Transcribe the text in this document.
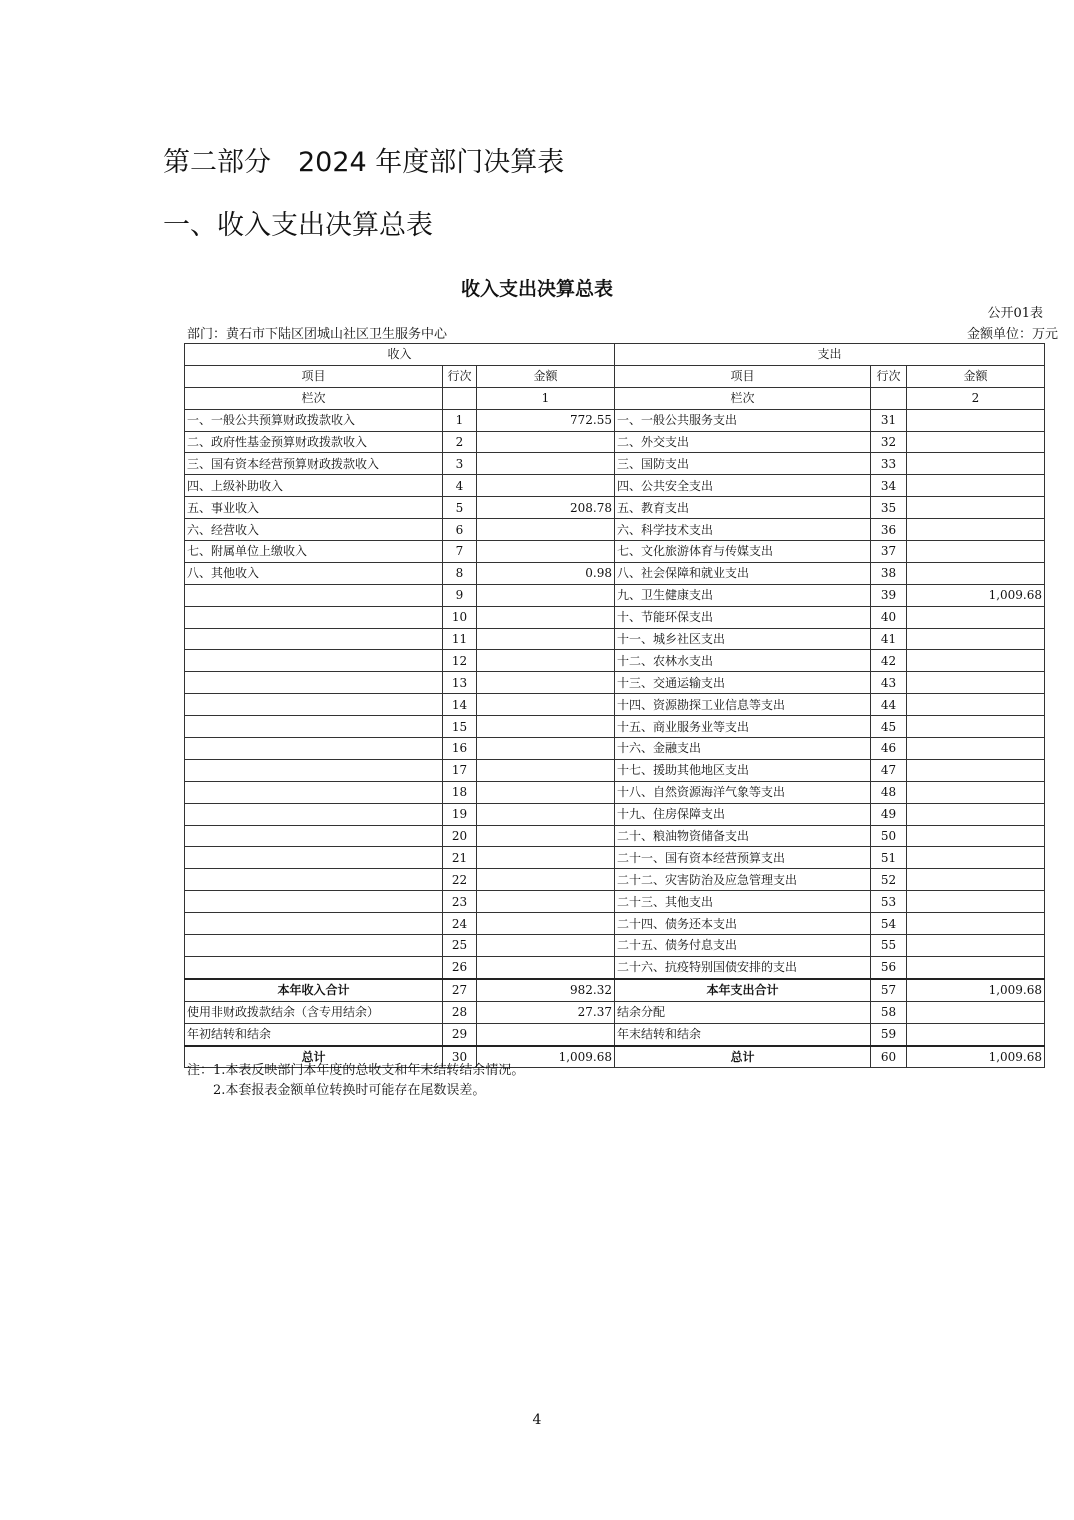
第二部分　2024 年度部门决算表
一、收入支出决算总表
收入支出决算总表
公开01表
部门：黄石市下陆区团城山社区卫生服务中心	金额单位：万元
收入			支出		
项目	行次	金额	项目	行次	金额
栏次		1	栏次		2
一、一般公共预算财政拨款收入	1	772.55	一、一般公共服务支出	31	
二、政府性基金预算财政拨款收入	2		二、外交支出	32	
三、国有资本经营预算财政拨款收入	3		三、国防支出	33	
四、上级补助收入	4		四、公共安全支出	34	
五、事业收入	5	208.78	五、教育支出	35	
六、经营收入	6		六、科学技术支出	36	
七、附属单位上缴收入	7		七、文化旅游体育与传媒支出	37	
八、其他收入	8	0.98	八、社会保障和就业支出	38	
	9		九、卫生健康支出	39	1,009.68
	10		十、节能环保支出	40	
	11		十一、城乡社区支出	41	
	12		十二、农林水支出	42	
	13		十三、交通运输支出	43	
	14		十四、资源勘探工业信息等支出	44	
	15		十五、商业服务业等支出	45	
	16		十六、金融支出	46	
	17		十七、援助其他地区支出	47	
	18		十八、自然资源海洋气象等支出	48	
	19		十九、住房保障支出	49	
	20		二十、粮油物资储备支出	50	
	21		二十一、国有资本经营预算支出	51	
	22		二十二、灾害防治及应急管理支出	52	
	23		二十三、其他支出	53	
	24		二十四、债务还本支出	54	
	25		二十五、债务付息支出	55	
	26		二十六、抗疫特别国债安排的支出	56	
本年收入合计	27	982.32	本年支出合计	57	1,009.68
使用非财政拨款结余（含专用结余）	28	27.37	结余分配	58	
年初结转和结余	29		年末结转和结余	59	
总计	30	1,009.68	总计	60	1,009.68
注：1.本表反映部门本年度的总收支和年末结转结余情况。
　　2.本套报表金额单位转换时可能存在尾数误差。
4
